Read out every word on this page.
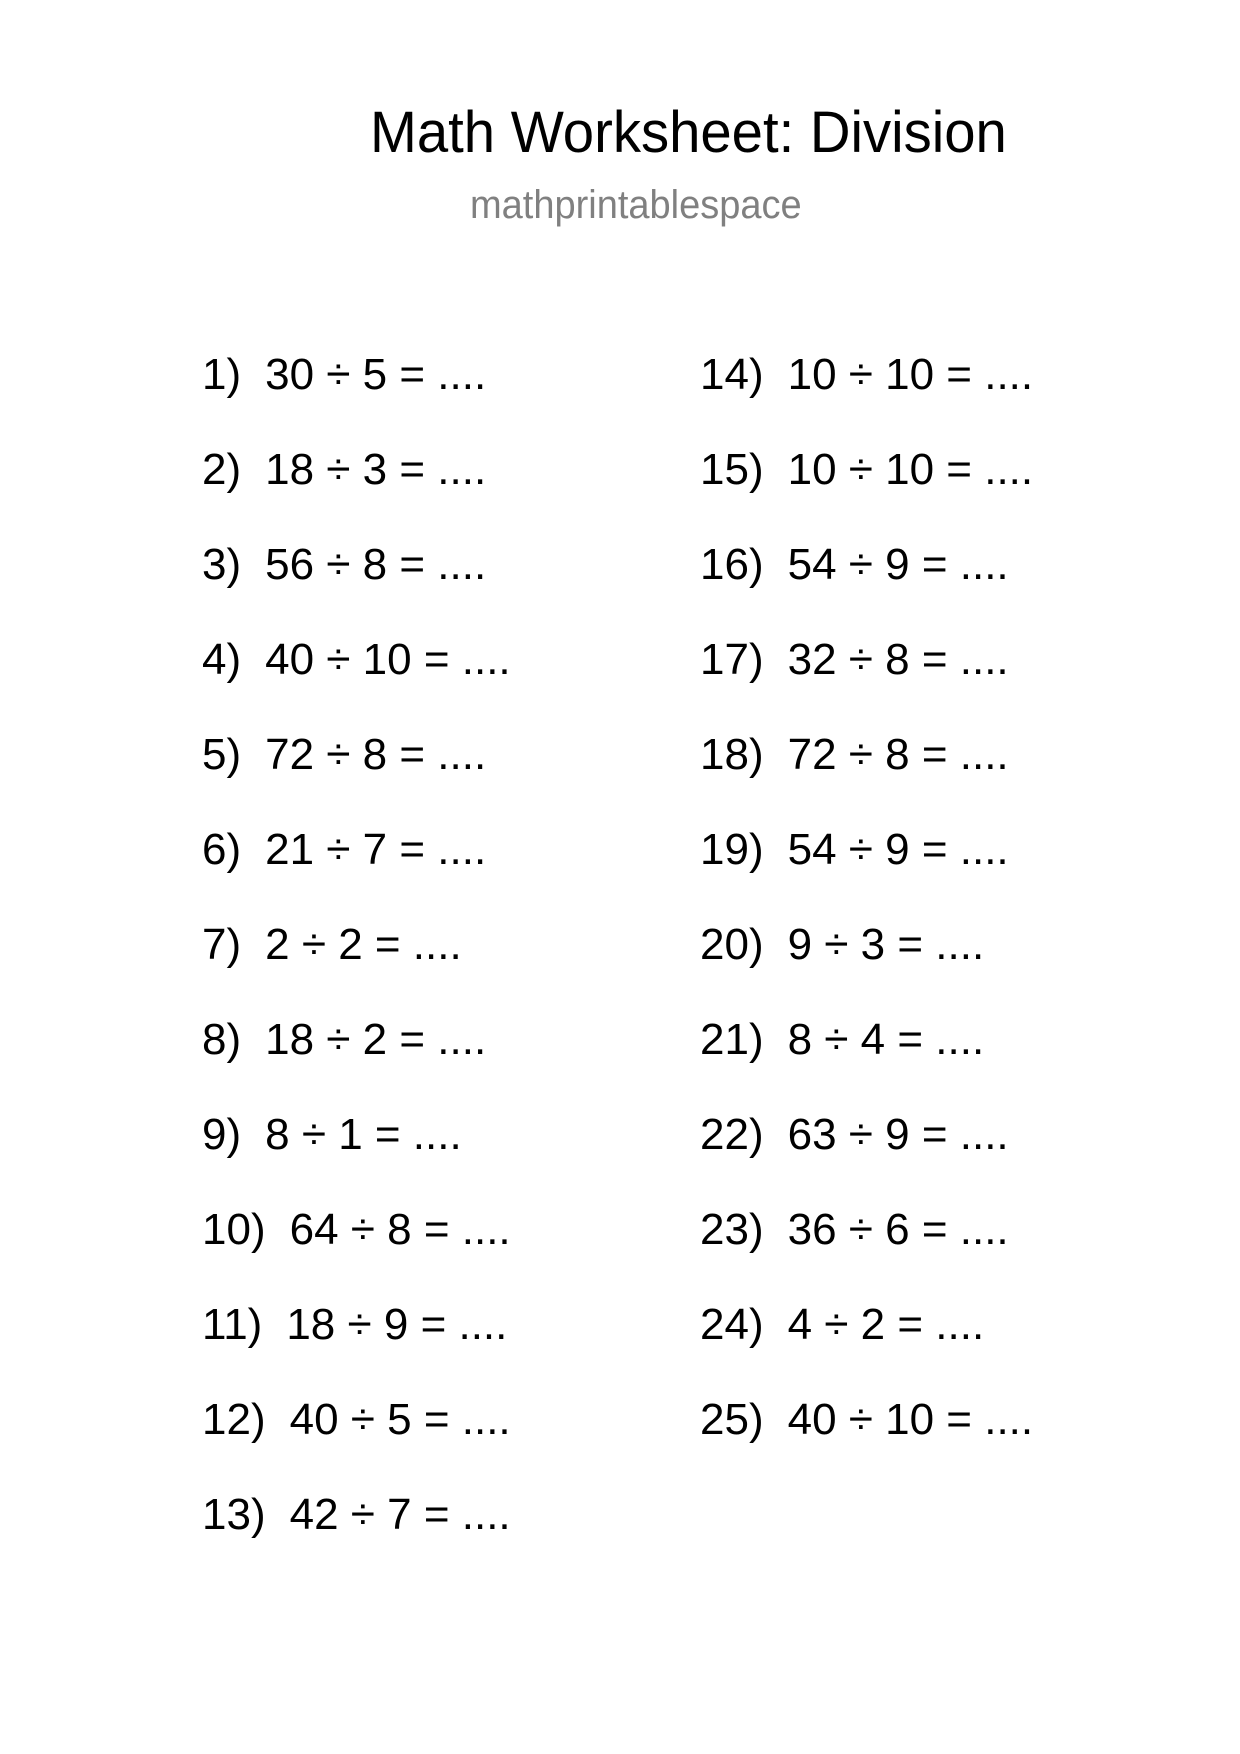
Math Worksheet: Division
mathprintablespace
1) 30 ÷ 5 = ....
2) 18 ÷ 3 = ....
3) 56 ÷ 8 = ....
4) 40 ÷ 10 = ....
5) 72 ÷ 8 = ....
6) 21 ÷ 7 = ....
7) 2 ÷ 2 = ....
8) 18 ÷ 2 = ....
9) 8 ÷ 1 = ....
10) 64 ÷ 8 = ....
11) 18 ÷ 9 = ....
12) 40 ÷ 5 = ....
13) 42 ÷ 7 = ....
14) 10 ÷ 10 = ....
15) 10 ÷ 10 = ....
16) 54 ÷ 9 = ....
17) 32 ÷ 8 = ....
18) 72 ÷ 8 = ....
19) 54 ÷ 9 = ....
20) 9 ÷ 3 = ....
21) 8 ÷ 4 = ....
22) 63 ÷ 9 = ....
23) 36 ÷ 6 = ....
24) 4 ÷ 2 = ....
25) 40 ÷ 10 = ....
